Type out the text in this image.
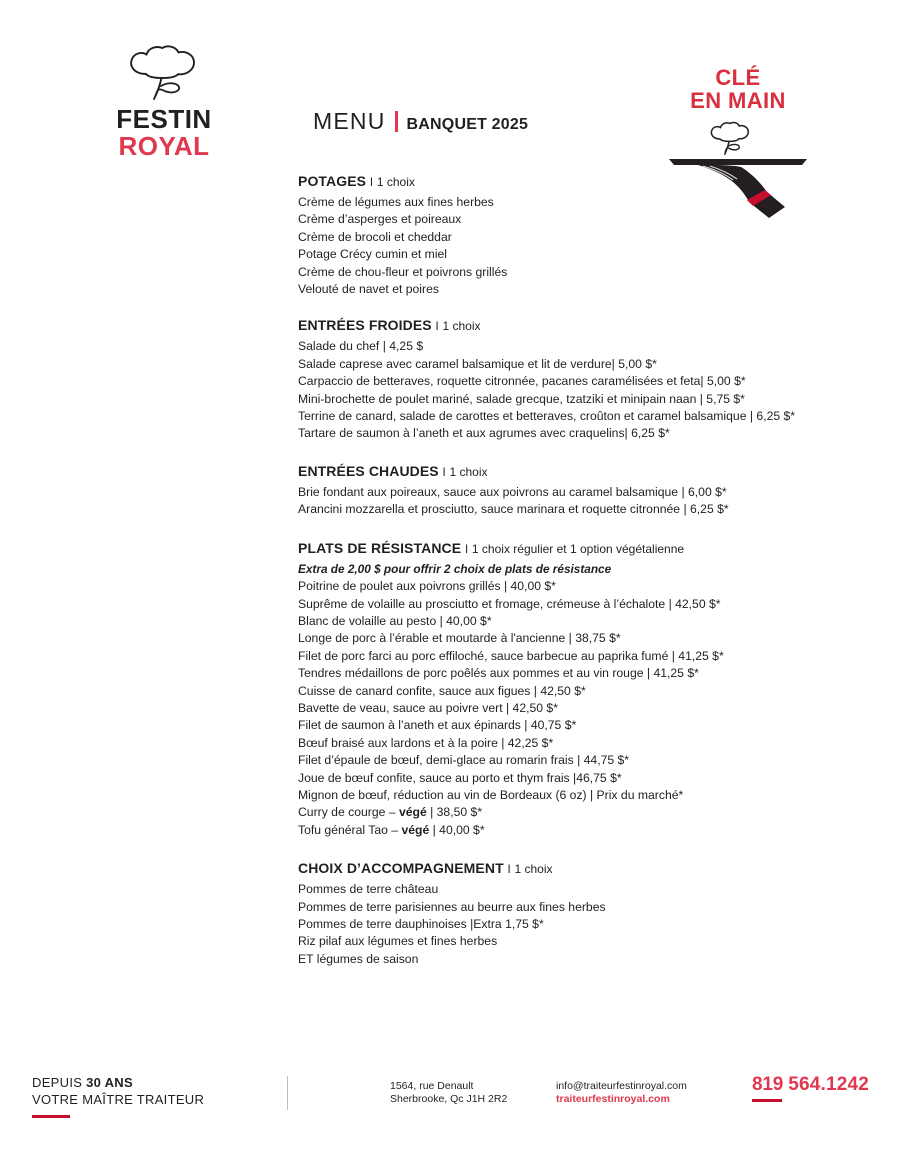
FESTIN
ROYAL
MENU BANQUET 2025
CLÉ
EN MAIN
POTAGES I 1 choix
Crème de légumes aux fines herbes
Crème d’asperges et poireaux
Crème de brocoli et cheddar
Potage Crécy cumin et miel
Crème de chou-fleur et poivrons grillés
Velouté de navet et poires
ENTRÉES FROIDES I 1 choix
Salade du chef | 4,25 $
Salade caprese avec caramel balsamique et lit de verdure| 5,00 $*
Carpaccio de betteraves, roquette citronnée, pacanes caramélisées et feta| 5,00 $*
Mini-brochette de poulet mariné, salade grecque, tzatziki et minipain naan | 5,75 $*
Terrine de canard, salade de carottes et betteraves, croûton et caramel balsamique | 6,25 $*
Tartare de saumon à l’aneth et aux agrumes avec craquelins| 6,25 $*
ENTRÉES CHAUDES I 1 choix
Brie fondant aux poireaux, sauce aux poivrons au caramel balsamique | 6,00 $*
Arancini mozzarella et prosciutto, sauce marinara et roquette citronnée | 6,25 $*
PLATS DE RÉSISTANCE I 1 choix régulier et 1 option végétalienne
Extra de 2,00 $ pour offrir 2 choix de plats de résistance
Poitrine de poulet aux poivrons grillés | 40,00 $*
Suprême de volaille au prosciutto et fromage, crémeuse à l’échalote | 42,50 $*
Blanc de volaille au pesto | 40,00 $*
Longe de porc à l’érable et moutarde à l'ancienne | 38,75 $*
Filet de porc farci au porc effiloché, sauce barbecue au paprika fumé | 41,25 $*
Tendres médaillons de porc poêlés aux pommes et au vin rouge | 41,25 $*
Cuisse de canard confite, sauce aux figues | 42,50 $*
Bavette de veau, sauce au poivre vert | 42,50 $*
Filet de saumon à l’aneth et aux épinards | 40,75 $*
Bœuf braisé aux lardons et à la poire | 42,25 $*
Filet d’épaule de bœuf, demi-glace au romarin frais | 44,75 $*
Joue de bœuf confite, sauce au porto et thym frais |46,75 $*
Mignon de bœuf, réduction au vin de Bordeaux (6 oz) | Prix du marché*
Curry de courge – végé | 38,50 $*
Tofu général Tao – végé | 40,00 $*
CHOIX D’ACCOMPAGNEMENT I 1 choix
Pommes de terre château
Pommes de terre parisiennes au beurre aux fines herbes
Pommes de terre dauphinoises |Extra 1,75 $*
Riz pilaf aux légumes et fines herbes
ET légumes de saison
DEPUIS 30 ANS
VOTRE MAÎTRE TRAITEUR
1564, rue Denault
Sherbrooke, Qc J1H 2R2
info@traiteurfestinroyal.com
traiteurfestinroyal.com
819 564.1242
